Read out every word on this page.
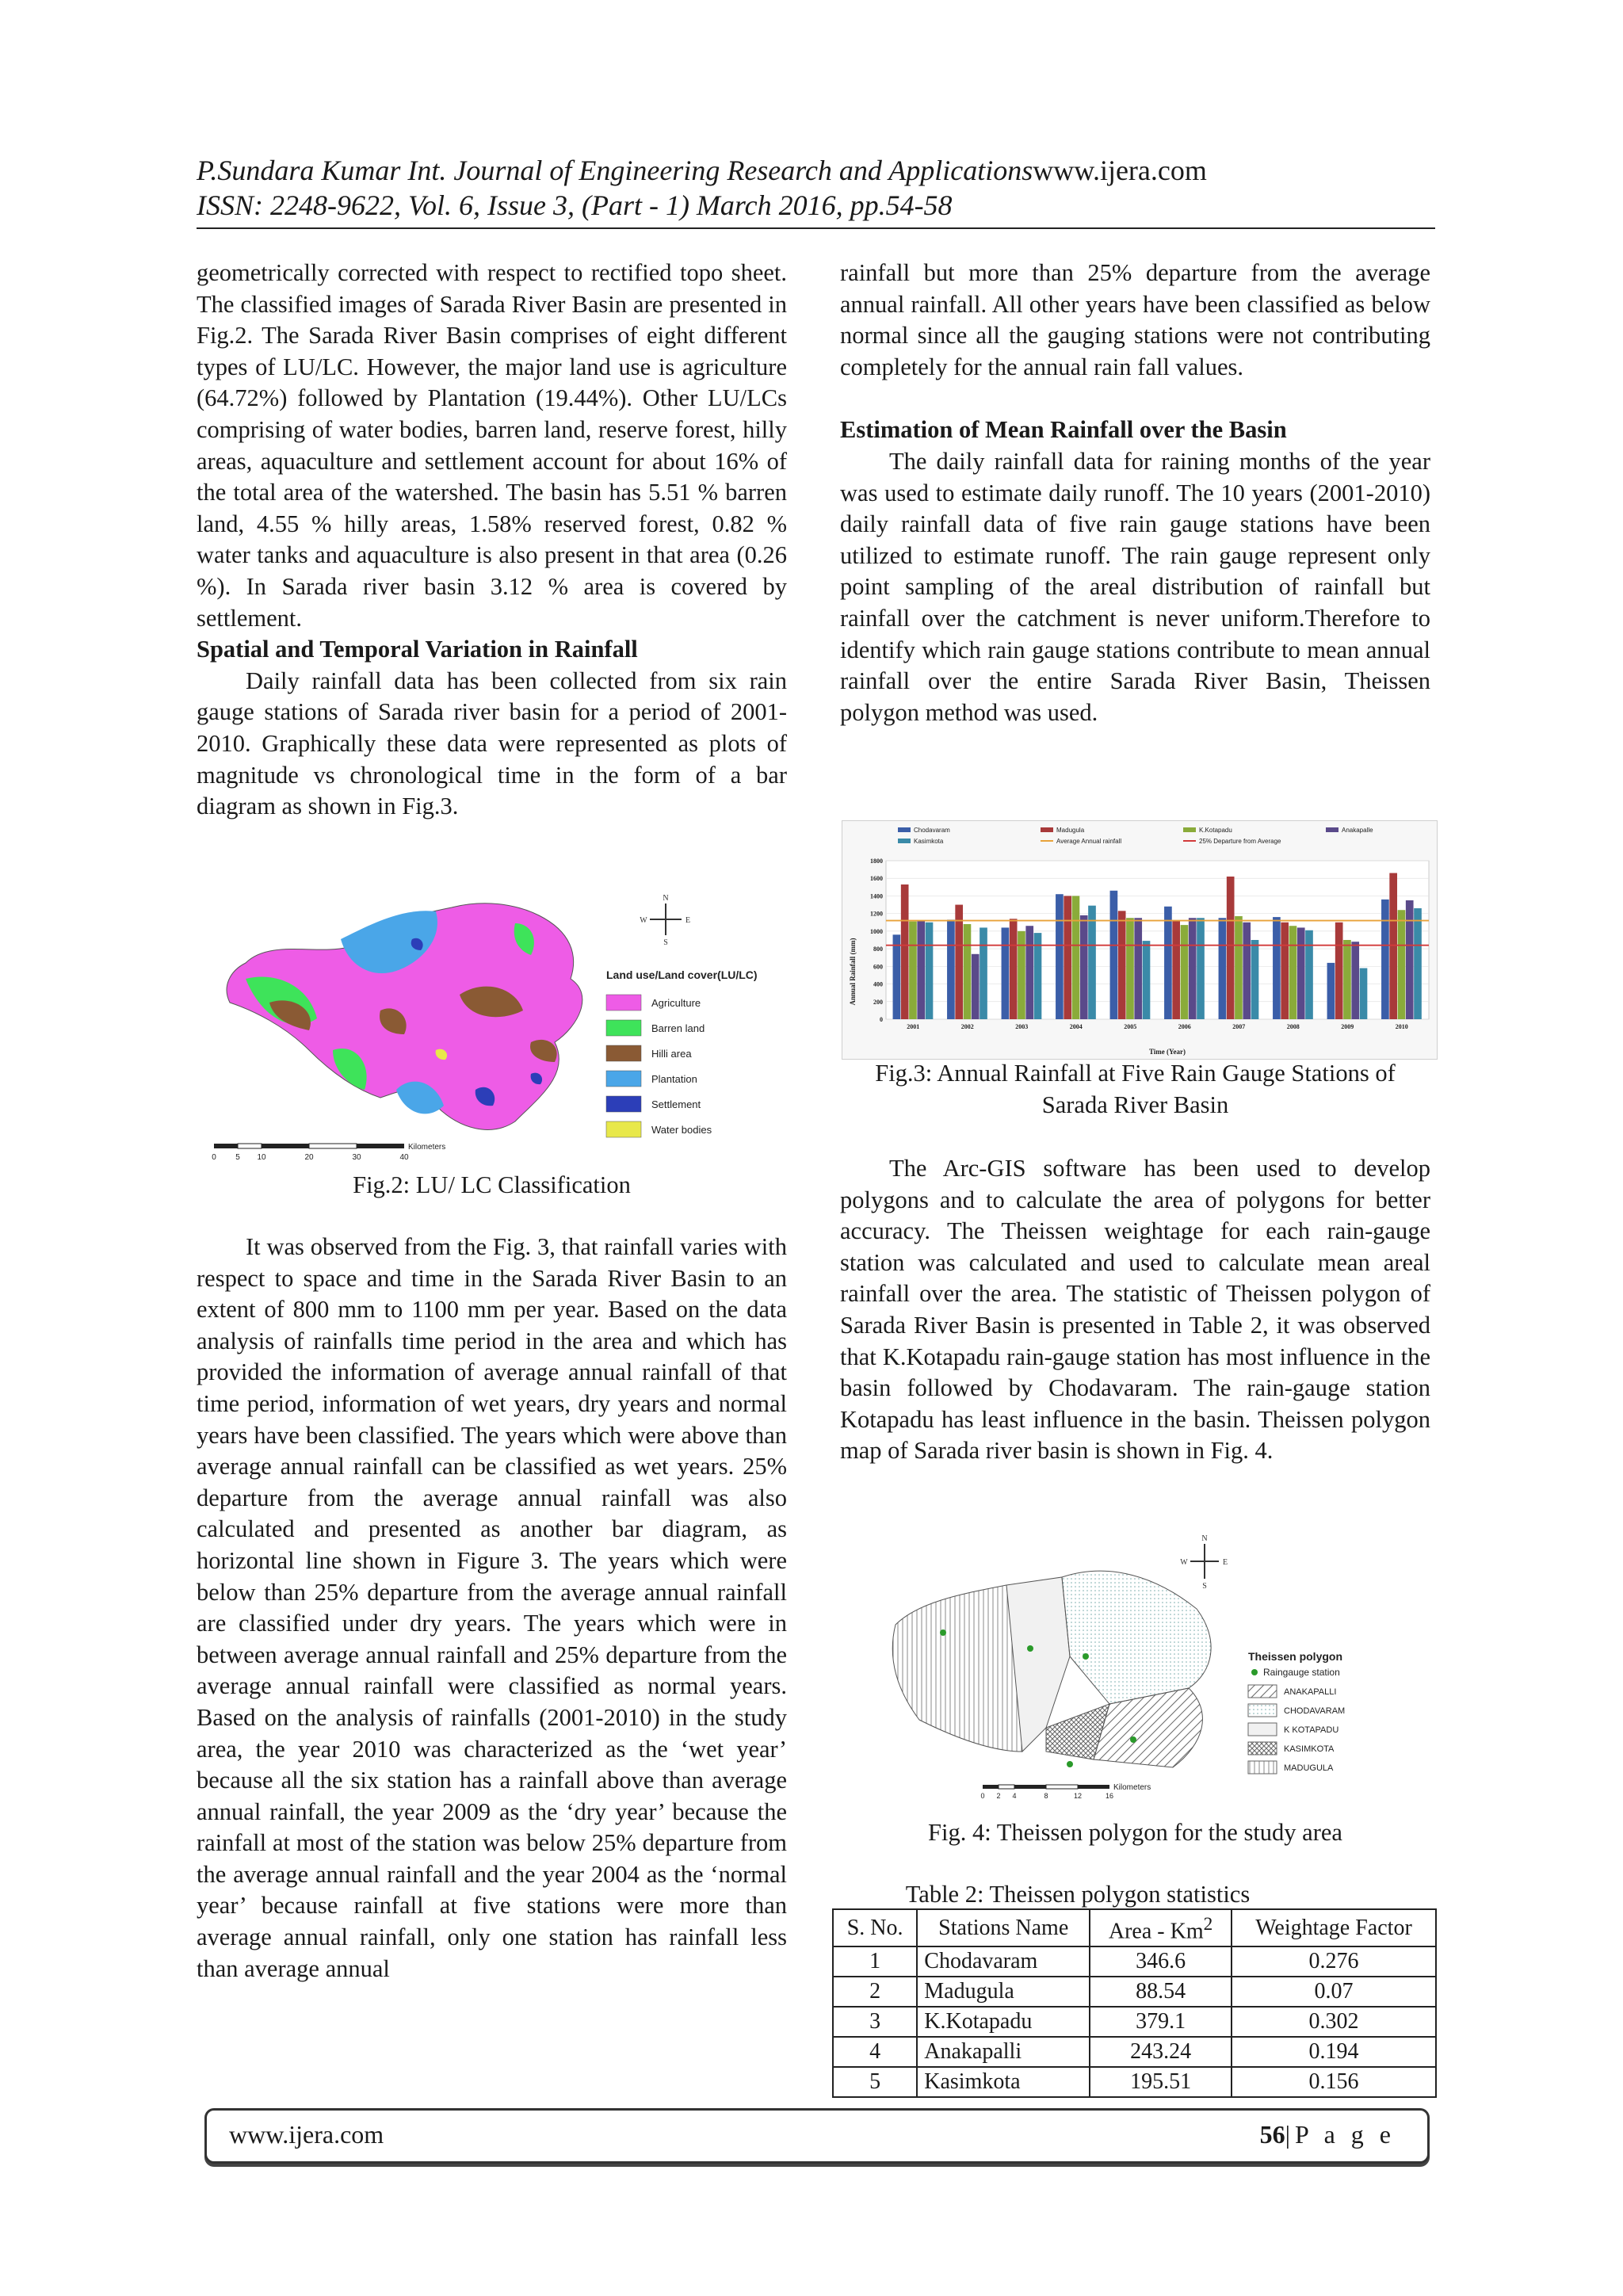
P.Sundara Kumar Int. Journal of Engineering Research and Applicationswww.ijera.com
ISSN: 2248-9622, Vol. 6, Issue 3, (Part - 1) March 2016, pp.54-58

geometrically corrected with respect to rectified topo sheet. The classified images of Sarada River Basin are presented in Fig.2. The Sarada River Basin comprises of eight different types of LU/LC. However, the major land use is agriculture (64.72%) followed by Plantation (19.44%). Other LU/LCs comprising of water bodies, barren land, reserve forest, hilly areas, aquaculture and settlement account for about 16% of the total area of the watershed. The basin has 5.51 % barren land, 4.55 % hilly areas, 1.58% reserved forest, 0.82 % water tanks and aquaculture is also present in that area (0.26 %). In Sarada river basin 3.12 % area is covered by settlement.

Spatial and Temporal Variation in Rainfall

Daily rainfall data has been collected from six rain gauge stations of Sarada river basin for a period of 2001-2010. Graphically these data were represented as plots of magnitude vs chronological time in the form of a bar diagram as shown in Fig.3.

N
S
E
W
Land use/Land cover(LU/LC)
Agriculture
Barren land
Hilli area
Plantation
Settlement
Water bodies
Kilometers
0 5 10	20	30	40
Fig.2: LU/ LC Classification

It was observed from the Fig. 3, that rainfall varies with respect to space and time in the Sarada River Basin to an extent of 800 mm to 1100 mm per year. Based on the data analysis of rainfalls time period in the area and which has provided the information of average annual rainfall of that time period, information of wet years, dry years and normal years have been classified. The years which were above than average annual rainfall can be classified as wet years. 25% departure from the average annual rainfall was also calculated and presented as another bar diagram, as horizontal line shown in Figure 3. The years which were below than 25% departure from the average annual rainfall are classified under dry years. The years which were in between average annual rainfall and 25% departure from the average annual rainfall were classified as normal years. Based on the analysis of rainfalls (2001-2010) in the study area, the year 2010 was characterized as the ‘wet year’ because all the six station has a rainfall above than average annual rainfall, the year 2009 as the ‘dry year’ because the rainfall at most of the station was below 25% departure from the average annual rainfall and the year 2004 as the ‘normal year’ because rainfall at five stations were more than average annual rainfall, only one station has rainfall less than average annual

rainfall but more than 25% departure from the average annual rainfall. All other years have been classified as below normal since all the gauging stations were not contributing completely for the annual rain fall values.

Estimation of Mean Rainfall over the Basin

The daily rainfall data for raining months of the year was used to estimate daily runoff. The 10 years (2001-2010) daily rainfall data of five rain gauge stations have been utilized to estimate runoff. The rain gauge represent only point sampling of the areal distribution of rainfall but rainfall over the catchment is never uniform.Therefore to identify which rain gauge stations contribute to mean annual rainfall over the entire Sarada River Basin, Theissen polygon method was used.

Chodavaram	Madugula	K.Kotapadu	Anakapalle
Kasimkota	Average Annual rainfall	25% Departure from Average
0
200
400
600
800
1000
1200
1400
1600
1800
2001	2002	2003	2004	2005	2006	2007	2008	2009	2010
Annual Rainfall (mm)
Time (Year)
Fig.3: Annual Rainfall at Five Rain Gauge Stations of
Sarada River Basin

The Arc-GIS software has been used to develop polygons and to calculate the area of polygons for better accuracy. The Theissen weightage for each rain-gauge station was calculated and used to calculate mean areal rainfall over the area. The statistic of Theissen polygon of Sarada River Basin is presented in Table 2, it was observed that K.Kotapadu rain-gauge station has most influence in the basin followed by Chodavaram. The rain-gauge station Kotapadu has least influence in the basin. Theissen polygon map of Sarada river basin is shown in Fig. 4.

N
S
E
W
Theissen polygon
Raingauge station
ANAKAPALLI
CHODAVARAM
K KOTAPADU
KASIMKOTA
MADUGULA
Kilometers
0 2 4	8	12	16
Fig. 4: Theissen polygon for the study area
Table 2: Theissen polygon statistics
S. No.	Stations Name	Area - Km$^2$	Weightage Factor
1	Chodavaram	346.6	0.276
2	Madugula	88.54	0.07
3	K.Kotapadu	379.1	0.302
4	Anakapalli	243.24	0.194
5	Kasimkota	195.51	0.156
www.ijera.com	56|P a g e
